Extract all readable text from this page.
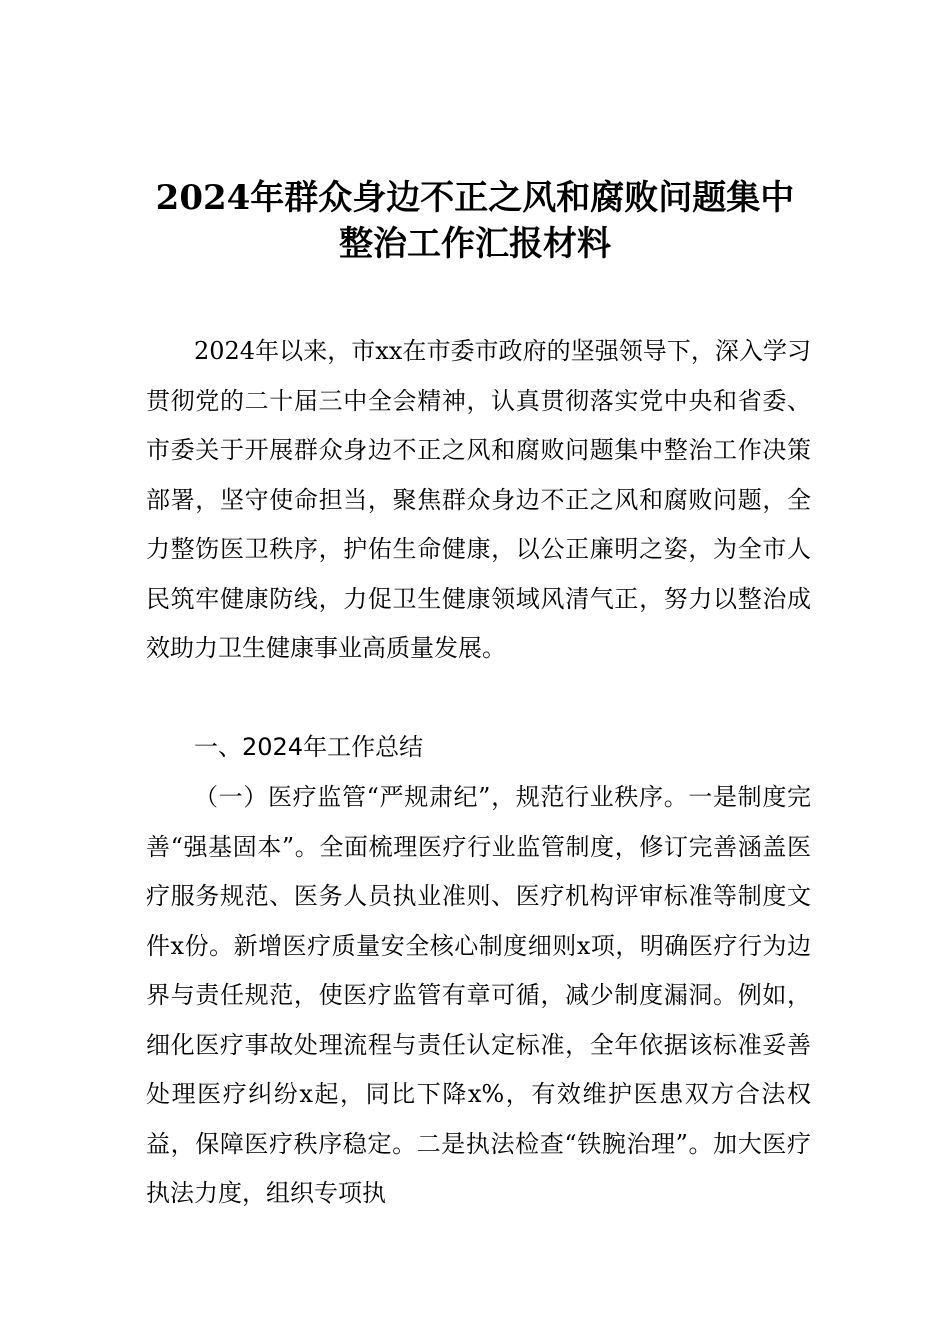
2024年群众身边不正之风和腐败问题集中
整治工作汇报材料

2024年以来，市xx在市委市政府的坚强领导下，深入学习贯彻党的二十届三中全会精神，认真贯彻落实党中央和省委、市委关于开展群众身边不正之风和腐败问题集中整治工作决策部署，坚守使命担当，聚焦群众身边不正之风和腐败问题，全力整饬医卫秩序，护佑生命健康，以公正廉明之姿，为全市人民筑牢健康防线，力促卫生健康领域风清气正，努力以整治成效助力卫生健康事业高质量发展。

一、2024年工作总结

（一）医疗监管“严规肃纪”，规范行业秩序。一是制度完善“强基固本”。全面梳理医疗行业监管制度，修订完善涵盖医疗服务规范、医务人员执业准则、医疗机构评审标准等制度文件x份。新增医疗质量安全核心制度细则x项，明确医疗行为边界与责任规范，使医疗监管有章可循，减少制度漏洞。例如，细化医疗事故处理流程与责任认定标准，全年依据该标准妥善处理医疗纠纷x起，同比下降x%，有效维护医患双方合法权益，保障医疗秩序稳定。二是执法检查“铁腕治理”。加大医疗执法力度，组织专项执
